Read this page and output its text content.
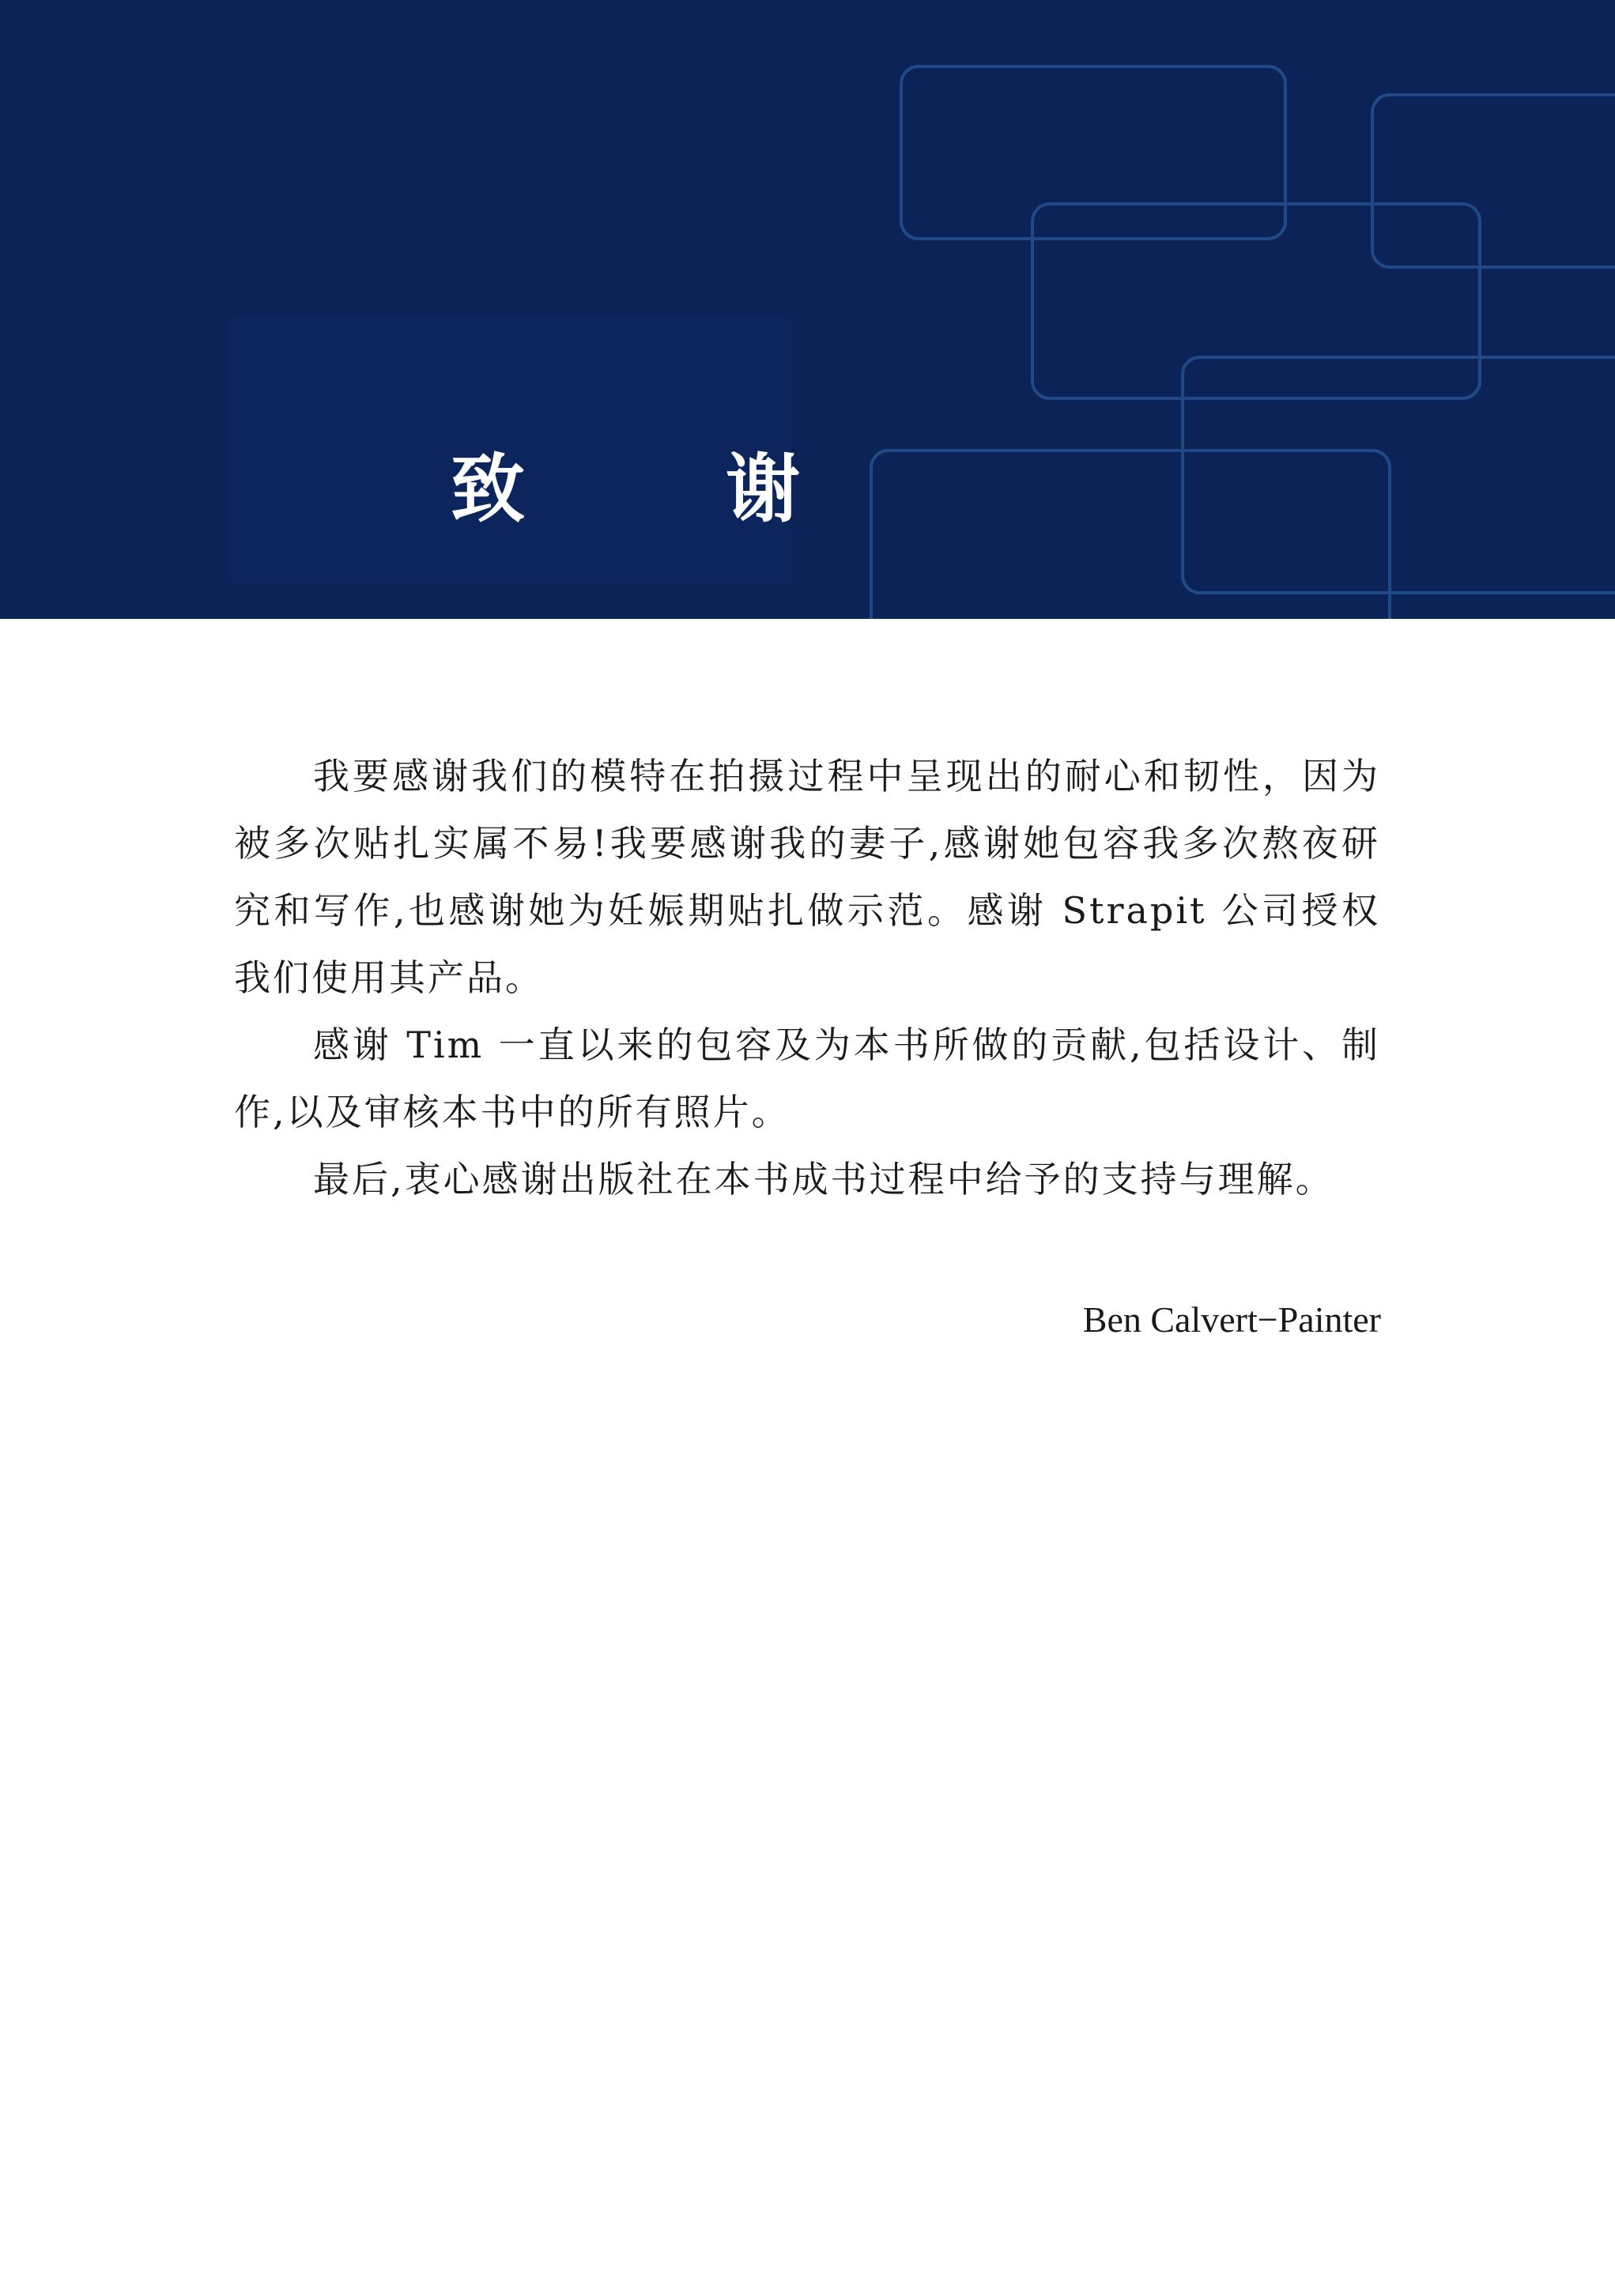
致　谢

我要感谢我们的模特在拍摄过程中呈现出的耐心和韧性，因为被多次贴扎实属不易!我要感谢我的妻子,感谢她包容我多次熬夜研究和写作,也感谢她为妊娠期贴扎做示范。感谢 Strapit 公司授权我们使用其产品。

感谢 Tim 一直以来的包容及为本书所做的贡献,包括设计、制作,以及审核本书中的所有照片。

最后,衷心感谢出版社在本书成书过程中给予的支持与理解。

Ben Calvert−Painter
